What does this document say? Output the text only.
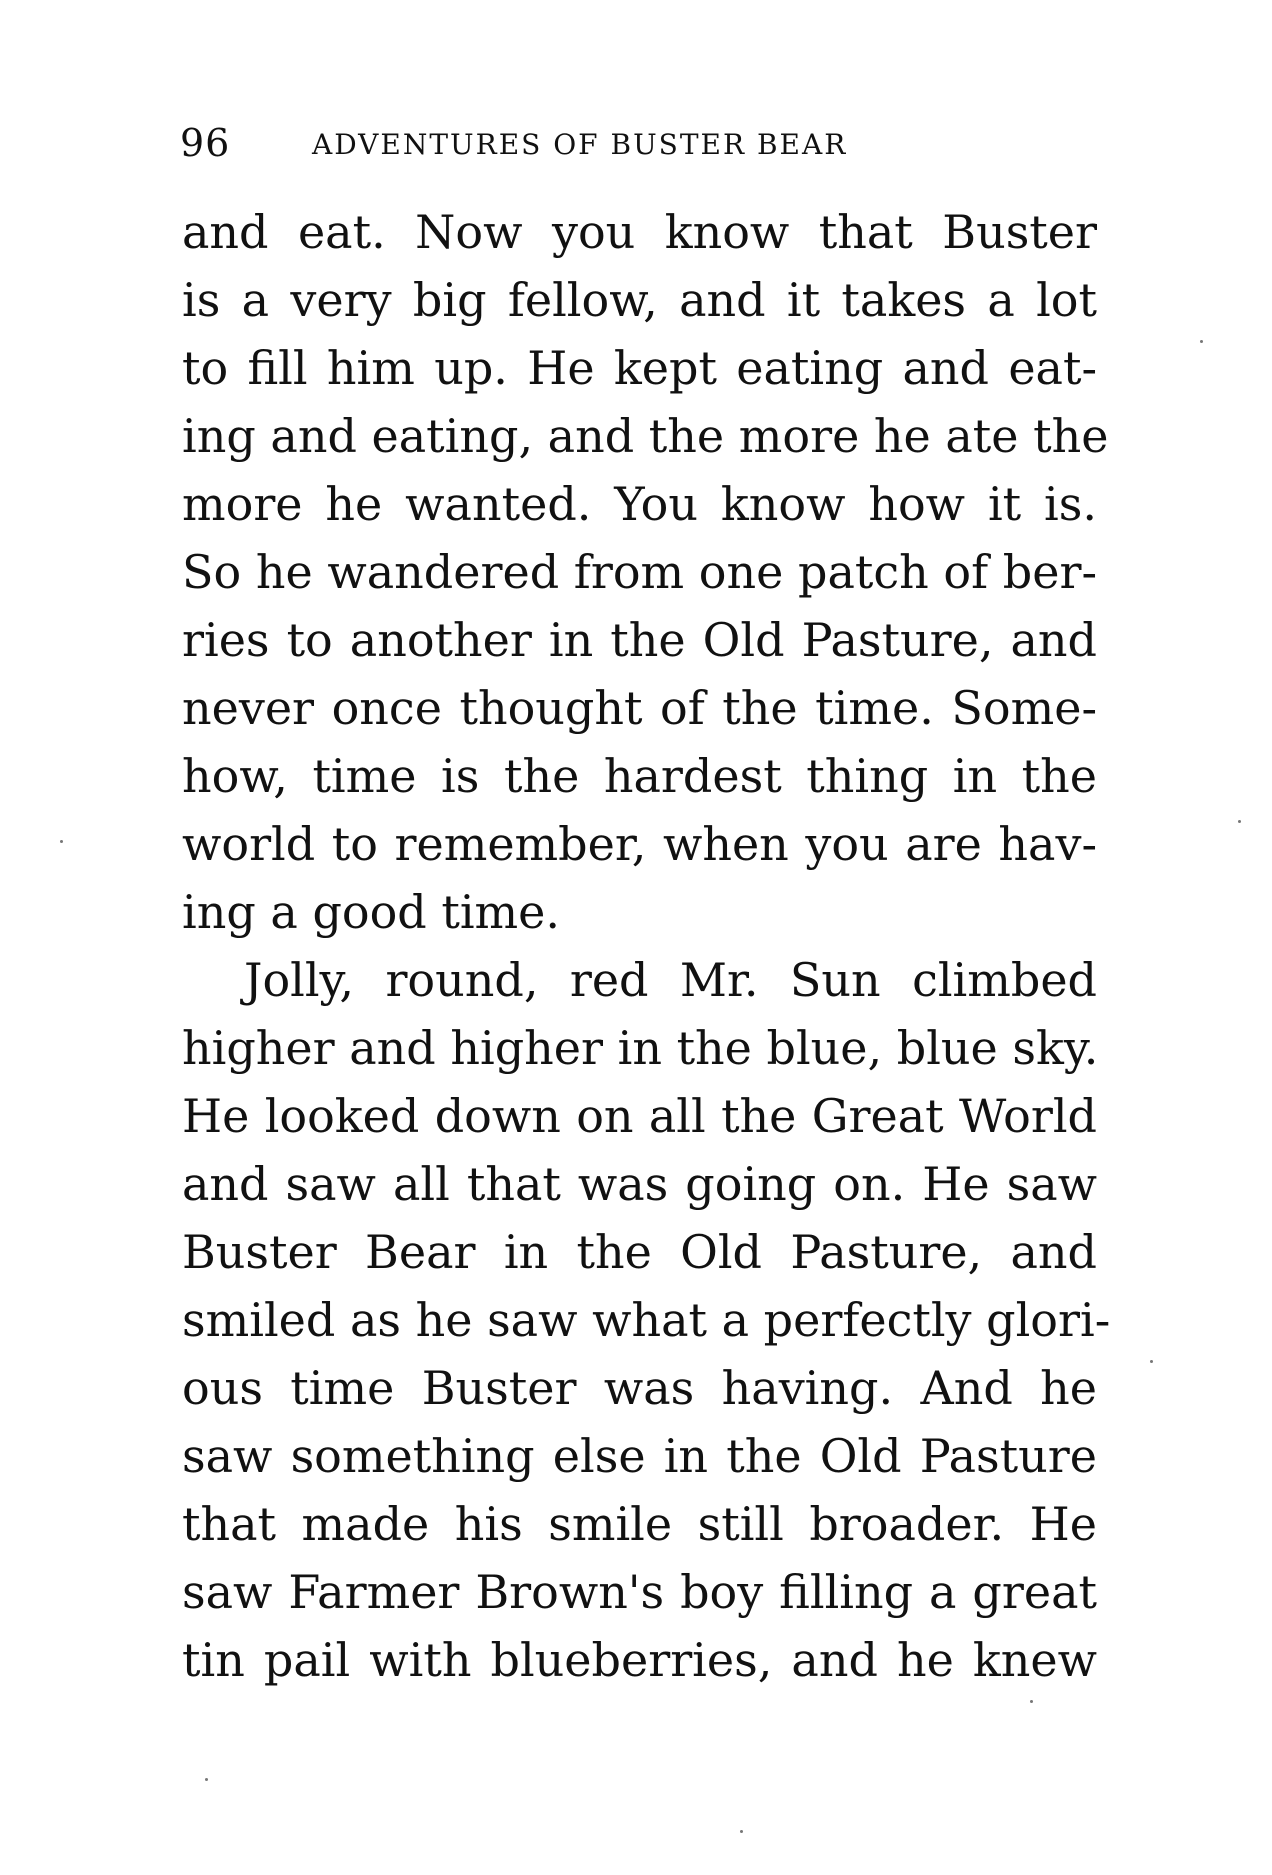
96	ADVENTURES OF BUSTER BEAR
and eat. Now you know that Buster
is a very big fellow, and it takes a lot
to fill him up. He kept eating and eat-
ing and eating, and the more he ate the
more he wanted. You know how it is.
So he wandered from one patch of ber-
ries to another in the Old Pasture, and
never once thought of the time. Some-
how, time is the hardest thing in the
world to remember, when you are hav-
ing a good time.
Jolly, round, red Mr. Sun climbed
higher and higher in the blue, blue sky.
He looked down on all the Great World
and saw all that was going on. He saw
Buster Bear in the Old Pasture, and
smiled as he saw what a perfectly glori-
ous time Buster was having. And he
saw something else in the Old Pasture
that made his smile still broader. He
saw Farmer Brown's boy filling a great
tin pail with blueberries, and he knew
